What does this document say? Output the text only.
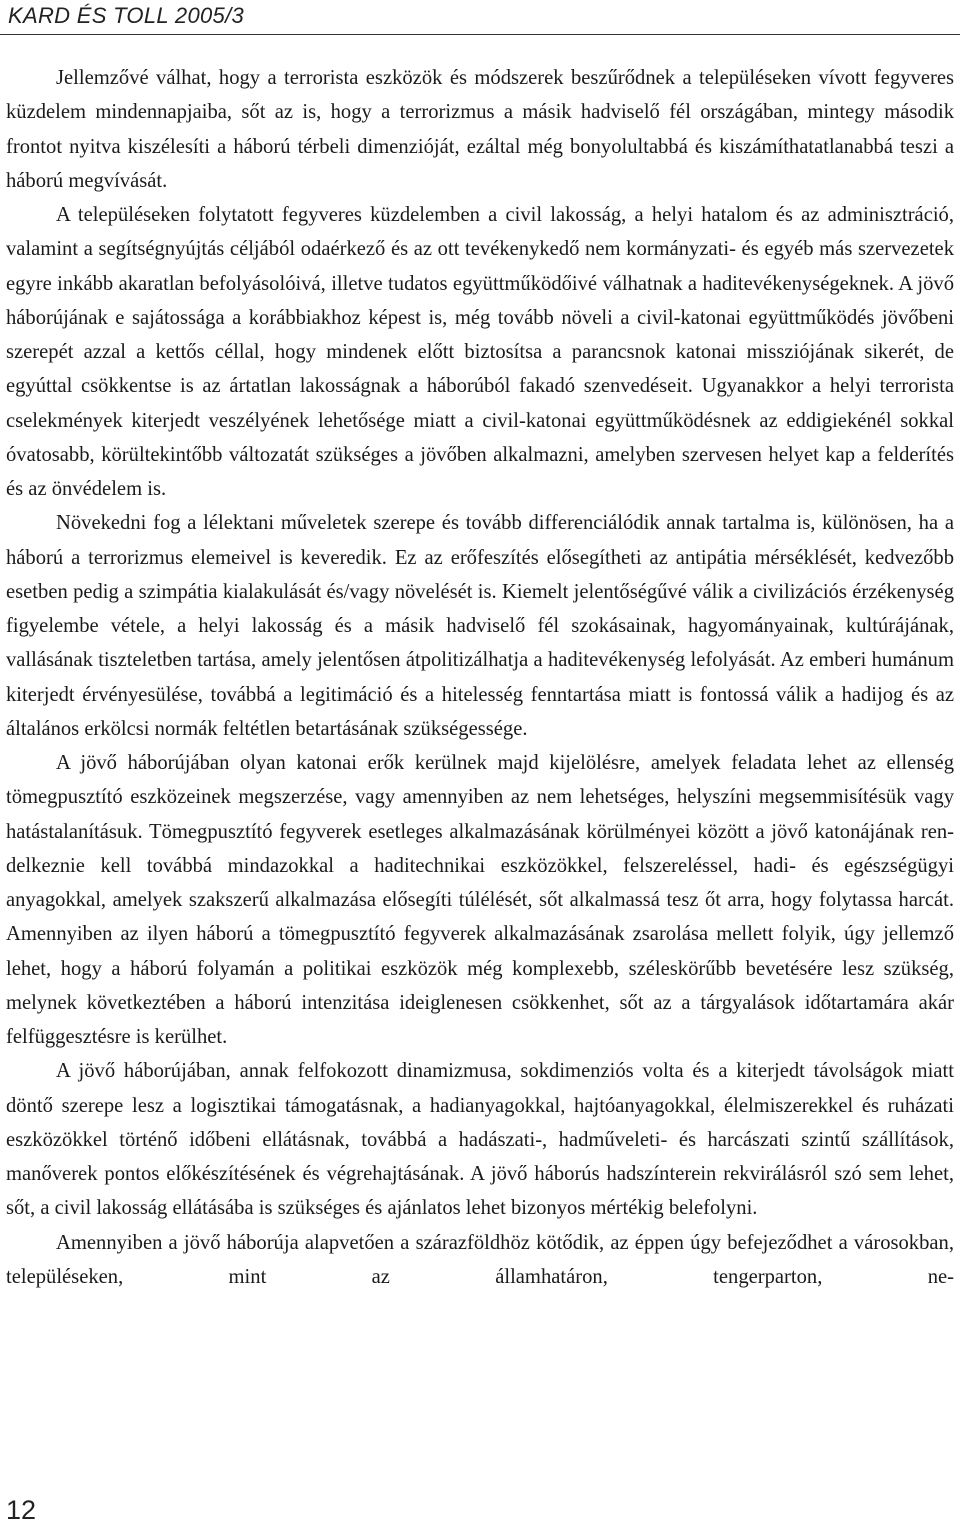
KARD ÉS TOLL 2005/3

Jellemzővé válhat, hogy a terrorista eszközök és módszerek beszűrődnek a településeken vívott fegyveres küzdelem mindennapjaiba, sőt az is, hogy a terrorizmus a másik hadviselő fél országában, mintegy második frontot nyitva kiszélesíti a háború térbeli dimenzióját, ezáltal még bonyolultabbá és kiszámíthatatlanabbá teszi a háború megvívását.

A településeken folytatott fegyveres küzdelemben a civil lakosság, a helyi hatalom és az adminisztráció, valamint a segítségnyújtás céljából odaérkező és az ott tevékenykedő nem kormányzati- és egyéb más szervezetek egyre inkább akaratlan befolyásolóivá, illetve tudatos együttműködőivé válhatnak a haditevékenységeknek. A jövő háborújának e sajátossága a korábbiakhoz képest is, még tovább növeli a civil-katonai együttműködés jövőbeni szerepét azzal a kettős céllal, hogy mindenek előtt biztosítsa a parancsnok katonai missziójának sikerét, de egyúttal csökkentse is az ártatlan lakosságnak a háborúból fakadó szenvedéseit. Ugyanakkor a helyi terrorista cselekmények kiterjedt veszélyének lehetősége miatt a civil-katonai együttműködésnek az eddigiekénél sokkal óvatosabb, körültekintőbb változatát szükséges a jövőben alkalmazni, amelyben szervesen helyet kap a felderítés és az önvédelem is.

Növekedni fog a lélektani műveletek szerepe és tovább differenciálódik annak tartalma is, különösen, ha a háború a terrorizmus elemeivel is keveredik. Ez az erőfeszítés elősegítheti az antipátia mérséklését, kedvezőbb esetben pedig a szimpátia kialakulását és/vagy növelését is. Kiemelt jelentőségűvé válik a civilizációs érzékenység figyelembe vétele, a helyi lakosság és a másik hadviselő fél szokásainak, hagyományainak, kultúrájának, vallásának tiszteletben tartása, amely jelentősen átpolitizálhatja a haditevékenység lefolyását. Az emberi humánum kiterjedt érvényesülése, továbbá a legitimáció és a hitelesség fenntartása miatt is fontossá válik a hadijog és az általános erkölcsi normák feltétlen betartásának szükségessége.

A jövő háborújában olyan katonai erők kerülnek majd kijelölésre, amelyek feladata lehet az ellenség tömegpusztító eszközeinek megszerzése, vagy amennyiben az nem lehetséges, helyszíni megsemmisítésük vagy hatástalanításuk. Tömegpusztító fegyverek esetleges alkalmazásának körülményei között a jövő katonájának rendelkeznie kell továbbá mindazokkal a haditechnikai eszközökkel, felszereléssel, hadi- és egészségügyi anyagokkal, amelyek szakszerű alkalmazása elősegíti túlélését, sőt alkalmassá tesz őt arra, hogy folytassa harcát. Amennyiben az ilyen háború a tömegpusztító fegyverek alkalmazásának zsarolása mellett folyik, úgy jellemző lehet, hogy a háború folyamán a politikai eszközök még komplexebb, széleskörűbb bevetésére lesz szükség, melynek következtében a háború intenzitása ideiglenesen csökkenhet, sőt az a tárgyalások időtartamára akár felfüggesztésre is kerülhet.

A jövő háborújában, annak felfokozott dinamizmusa, sokdimenziós volta és a kiterjedt távolságok miatt döntő szerepe lesz a logisztikai támogatásnak, a hadianyagokkal, hajtóanyagokkal, élelmiszerekkel és ruházati eszközökkel történő időbeni ellátásnak, továbbá a hadászati-, hadműveleti- és harcászati szintű szállítások, manőverek pontos előkészítésének és végrehajtásának. A jövő háborús hadszínterein rekvirálásról szó sem lehet, sőt, a civil lakosság ellátásába is szükséges és ajánlatos lehet bizonyos mértékig belefolyni.

Amennyiben a jövő háborúja alapvetően a szárazföldhöz kötődik, az éppen úgy befejeződhet a városokban, településeken, mint az államhatáron, tengerparton, ne-

12
